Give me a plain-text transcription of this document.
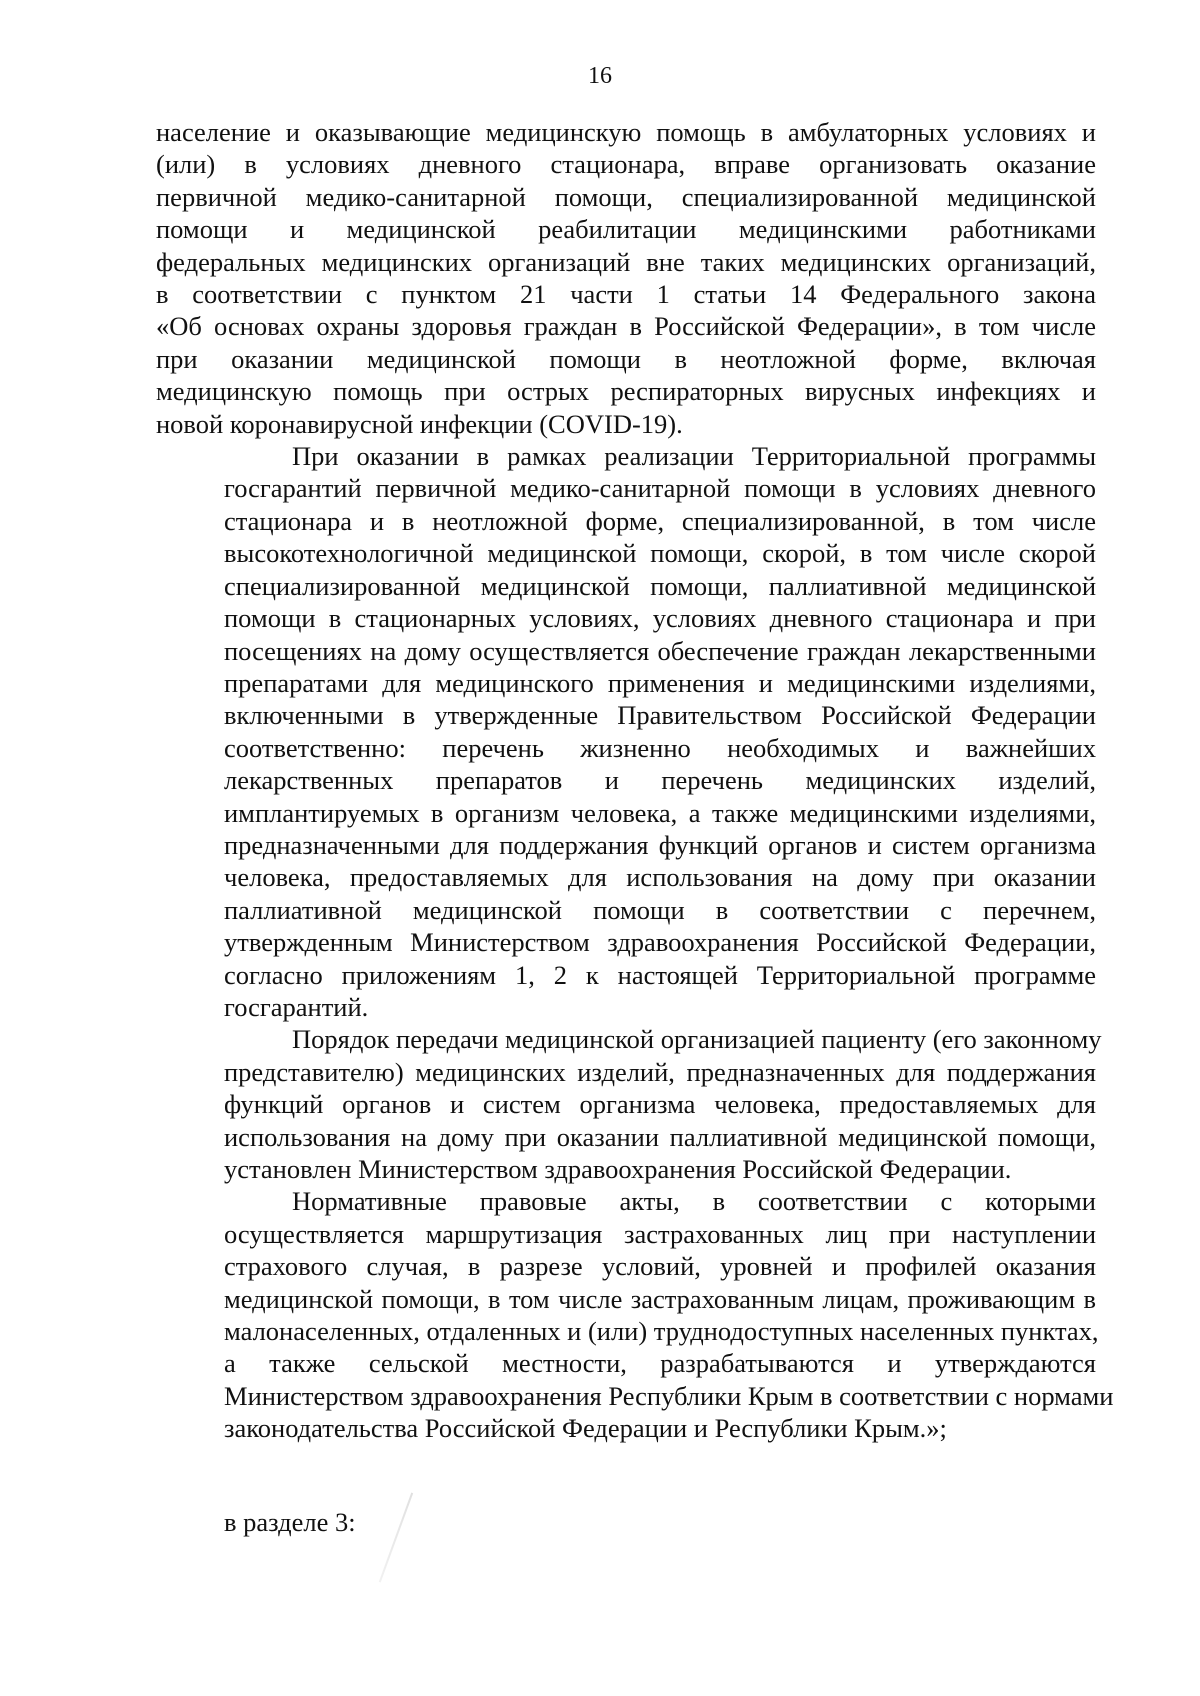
16
население и оказывающие медицинскую помощь в амбулаторных условиях и
(или) в условиях дневного стационара, вправе организовать оказание
первичной медико-санитарной помощи, специализированной медицинской
помощи и медицинской реабилитации медицинскими работниками
федеральных медицинских организаций вне таких медицинских организаций,
в соответствии с пунктом 21 части 1 статьи 14 Федерального закона
«Об основах охраны здоровья граждан в Российской Федерации», в том числе
при оказании медицинской помощи в неотложной форме, включая
медицинскую помощь при острых респираторных вирусных инфекциях и
новой коронавирусной инфекции (COVID-19).
При оказании в рамках реализации Территориальной программы
госгарантий первичной медико-санитарной помощи в условиях дневного
стационара и в неотложной форме, специализированной, в том числе
высокотехнологичной медицинской помощи, скорой, в том числе скорой
специализированной медицинской помощи, паллиативной медицинской
помощи в стационарных условиях, условиях дневного стационара и при
посещениях на дому осуществляется обеспечение граждан лекарственными
препаратами для медицинского применения и медицинскими изделиями,
включенными в утвержденные Правительством Российской Федерации
соответственно: перечень жизненно необходимых и важнейших
лекарственных препаратов и перечень медицинских изделий,
имплантируемых в организм человека, а также медицинскими изделиями,
предназначенными для поддержания функций органов и систем организма
человека, предоставляемых для использования на дому при оказании
паллиативной медицинской помощи в соответствии с перечнем,
утвержденным Министерством здравоохранения Российской Федерации,
согласно приложениям 1, 2 к настоящей Территориальной программе
госгарантий.
Порядок передачи медицинской организацией пациенту (его законному
представителю) медицинских изделий, предназначенных для поддержания
функций органов и систем организма человека, предоставляемых для
использования на дому при оказании паллиативной медицинской помощи,
установлен Министерством здравоохранения Российской Федерации.
Нормативные правовые акты, в соответствии с которыми
осуществляется маршрутизация застрахованных лиц при наступлении
страхового случая, в разрезе условий, уровней и профилей оказания
медицинской помощи, в том числе застрахованным лицам, проживающим в
малонаселенных, отдаленных и (или) труднодоступных населенных пунктах,
а также сельской местности, разрабатываются и утверждаются
Министерством здравоохранения Республики Крым в соответствии с нормами
законодательства Российской Федерации и Республики Крым.»;
в разделе 3:
